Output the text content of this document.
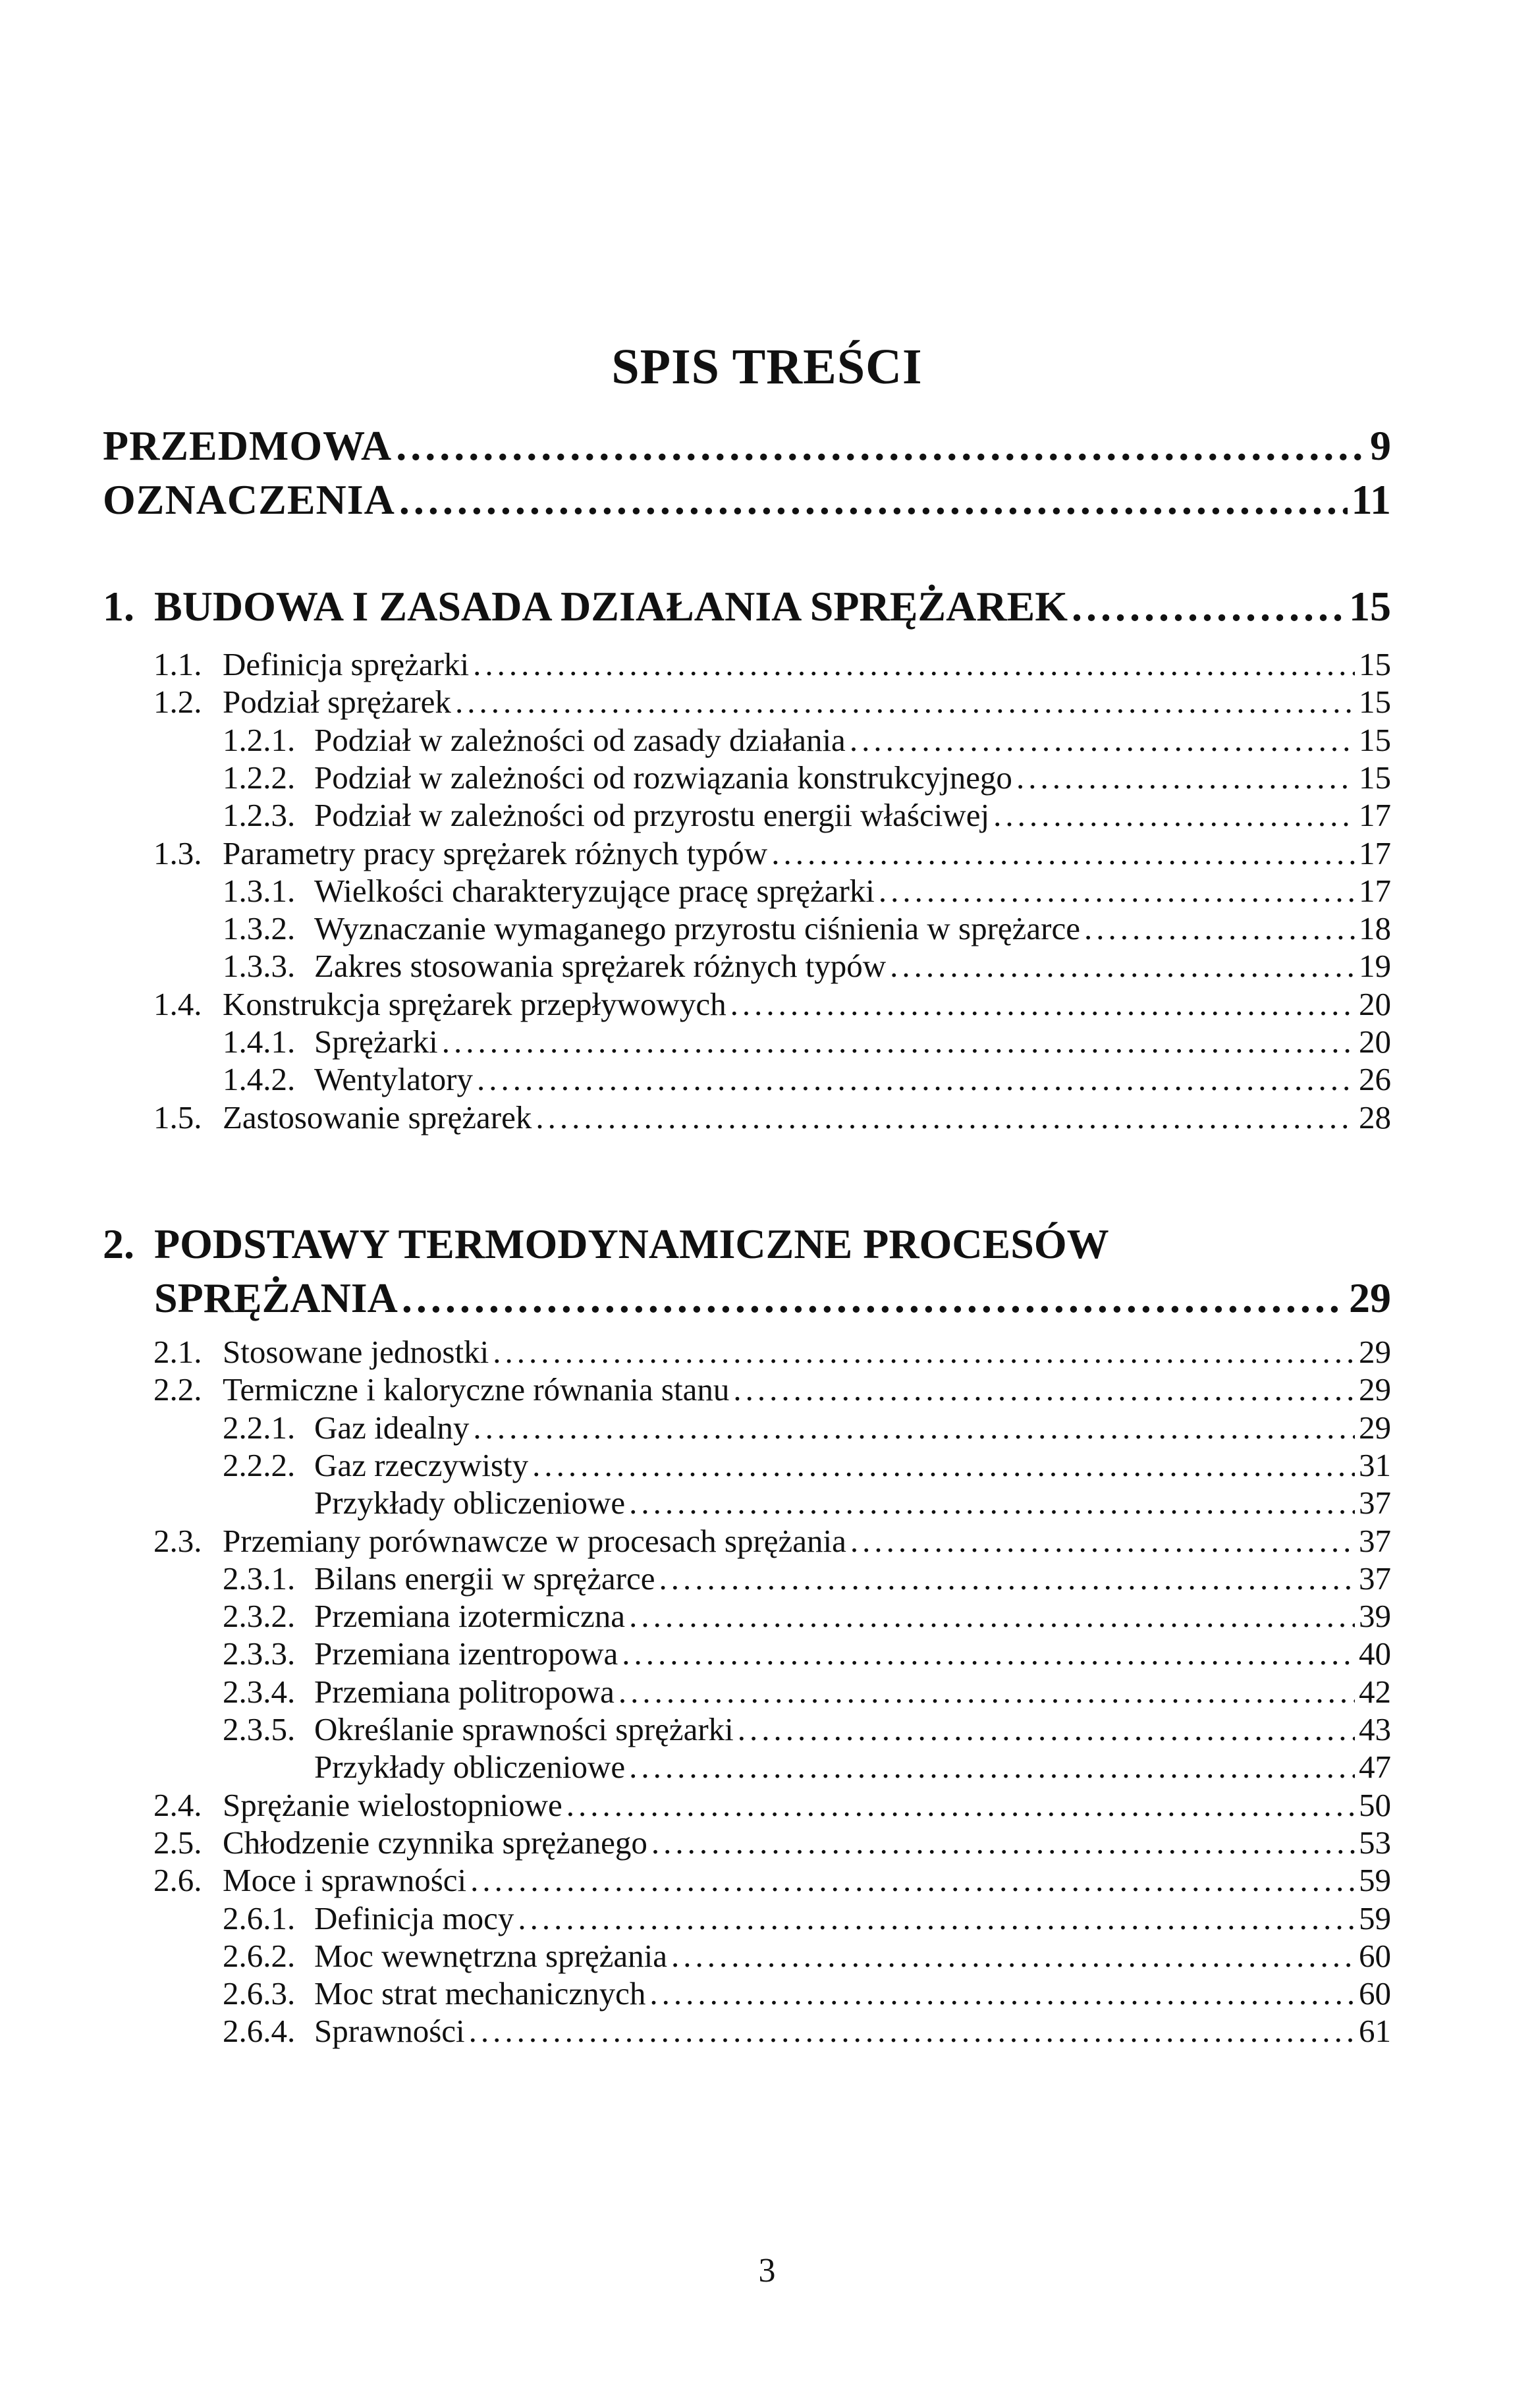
SPIS TREŚCI
PRZEDMOWA .....	9
OZNACZENIA .....	11
1. BUDOWA I ZASADA DZIAŁANIA SPRĘŻAREK .....	15
1.1. Definicja sprężarki .....	15
1.2. Podział sprężarek .....	15
1.2.1. Podział w zależności od zasady działania .....	15
1.2.2. Podział w zależności od rozwiązania konstrukcyjnego .....	15
1.2.3. Podział w zależności od przyrostu energii właściwej .....	17
1.3. Parametry pracy sprężarek różnych typów .....	17
1.3.1. Wielkości charakteryzujące pracę sprężarki .....	17
1.3.2. Wyznaczanie wymaganego przyrostu ciśnienia w sprężarce .....	18
1.3.3. Zakres stosowania sprężarek różnych typów .....	19
1.4. Konstrukcja sprężarek przepływowych .....	20
1.4.1. Sprężarki .....	20
1.4.2. Wentylatory .....	26
1.5. Zastosowanie sprężarek .....	28
2. PODSTAWY TERMODYNAMICZNE PROCESÓW
SPRĘŻANIA .....	29
2.1. Stosowane jednostki .....	29
2.2. Termiczne i kaloryczne równania stanu .....	29
2.2.1. Gaz idealny .....	29
2.2.2. Gaz rzeczywisty .....	31
Przykłady obliczeniowe .....	37
2.3. Przemiany porównawcze w procesach sprężania .....	37
2.3.1. Bilans energii w sprężarce .....	37
2.3.2. Przemiana izotermiczna .....	39
2.3.3. Przemiana izentropowa .....	40
2.3.4. Przemiana politropowa .....	42
2.3.5. Określanie sprawności sprężarki .....	43
Przykłady obliczeniowe .....	47
2.4. Sprężanie wielostopniowe .....	50
2.5. Chłodzenie czynnika sprężanego .....	53
2.6. Moce i sprawności .....	59
2.6.1. Definicja mocy .....	59
2.6.2. Moc wewnętrzna sprężania .....	60
2.6.3. Moc strat mechanicznych .....	60
2.6.4. Sprawności .....	61
3
